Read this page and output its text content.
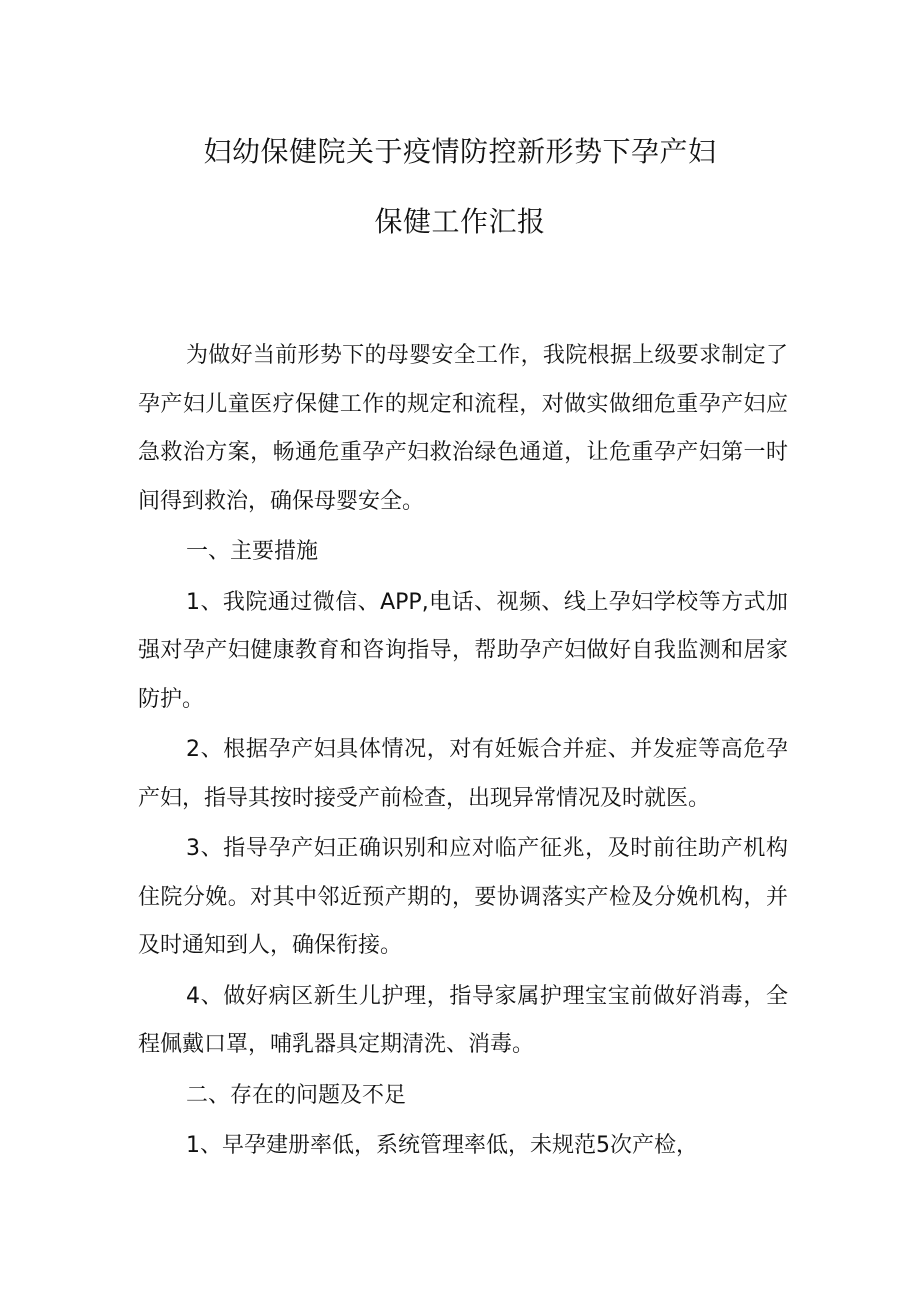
妇幼保健院关于疫情防控新形势下孕产妇
保健工作汇报

为做好当前形势下的母婴安全工作，我院根据上级要求制定了孕产妇儿童医疗保健工作的规定和流程，对做实做细危重孕产妇应急救治方案，畅通危重孕产妇救治绿色通道，让危重孕产妇第一时间得到救治，确保母婴安全。

一、主要措施

1、我院通过微信、APP,电话、视频、线上孕妇学校等方式加强对孕产妇健康教育和咨询指导，帮助孕产妇做好自我监测和居家防护。

2、根据孕产妇具体情况，对有妊娠合并症、并发症等高危孕产妇，指导其按时接受产前检查，出现异常情况及时就医。

3、指导孕产妇正确识别和应对临产征兆，及时前往助产机构住院分娩。对其中邻近预产期的，要协调落实产检及分娩机构，并及时通知到人，确保衔接。

4、做好病区新生儿护理，指导家属护理宝宝前做好消毒，全程佩戴口罩，哺乳器具定期清洗、消毒。

二、存在的问题及不足

1、早孕建册率低，系统管理率低，未规范5次产检，
